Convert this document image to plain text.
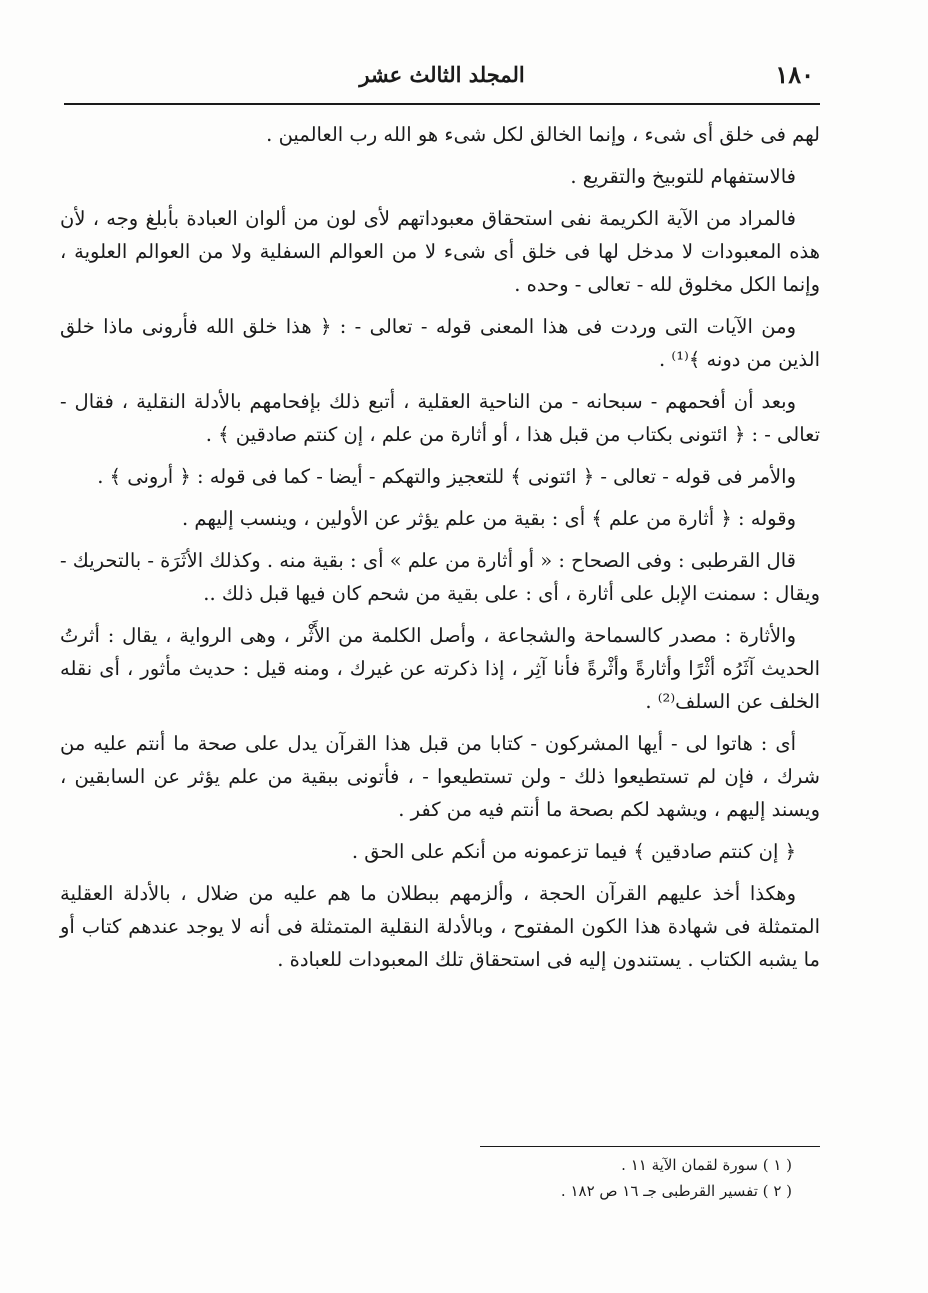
١٨٠
المجلد الثالث عشر

لهم فى خلق أى شىء ، وإنما الخالق لكل شىء هو الله رب العالمين .

فالاستفهام للتوبيخ والتقريع .

فالمراد من الآية الكريمة نفى استحقاق معبوداتهم لأى لون من ألوان العبادة بأبلغ وجه ، لأن هذه المعبودات لا مدخل لها فى خلق أى شىء لا من العوالم السفلية ولا من العوالم العلوية ، وإنما الكل مخلوق لله - تعالى - وحده .

ومن الآيات التى وردت فى هذا المعنى قوله - تعالى - : ﴿ هذا خلق الله فأرونى ماذا خلق الذين من دونه ﴾⁽¹⁾ .

وبعد أن أفحمهم - سبحانه - من الناحية العقلية ، أتبع ذلك بإفحامهم بالأدلة النقلية ، فقال - تعالى - : ﴿ ائتونى بكتاب من قبل هذا ، أو أثارة من علم ، إن كنتم صادقين ﴾ .

والأمر فى قوله - تعالى - ﴿ ائتونى ﴾ للتعجيز والتهكم - أيضا - كما فى قوله : ﴿ أرونى ﴾ .

وقوله : ﴿ أثارة من علم ﴾ أى : بقية من علم يؤثر عن الأولين ، وينسب إليهم .

قال القرطبى : وفى الصحاح : « أو أثارة من علم » أى : بقية منه . وكذلك الأثَرَة - بالتحريك - ويقال : سمنت الإبل على أثارة ، أى : على بقية من شحم كان فيها قبل ذلك ..

والأثارة : مصدر كالسماحة والشجاعة ، وأصل الكلمة من الأَثْر ، وهى الرواية ، يقال : أثرتُ الحديث آثَرُه أثْرًا وأثارةً وأثْرةً فأنا آثِر ، إذا ذكرته عن غيرك ، ومنه قيل : حديث مأثور ، أى نقله الخلف عن السلف⁽²⁾ .

أى : هاتوا لى - أيها المشركون - كتابا من قبل هذا القرآن يدل على صحة ما أنتم عليه من شرك ، فإن لم تستطيعوا ذلك - ولن تستطيعوا - ، فأتونى ببقية من علم يؤثر عن السابقين ، ويسند إليهم ، ويشهد لكم بصحة ما أنتم فيه من كفر .

﴿ إن كنتم صادقين ﴾ فيما تزعمونه من أنكم على الحق .

وهكذا أخذ عليهم القرآن الحجة ، وألزمهم ببطلان ما هم عليه من ضلال ، بالأدلة العقلية المتمثلة فى شهادة هذا الكون المفتوح ، وبالأدلة النقلية المتمثلة فى أنه لا يوجد عندهم كتاب أو ما يشبه الكتاب . يستندون إليه فى استحقاق تلك المعبودات للعبادة .

( ١ ) سورة لقمان الآية ١١ .

( ٢ ) تفسير القرطبى جـ ١٦ ص ١٨٢ .
